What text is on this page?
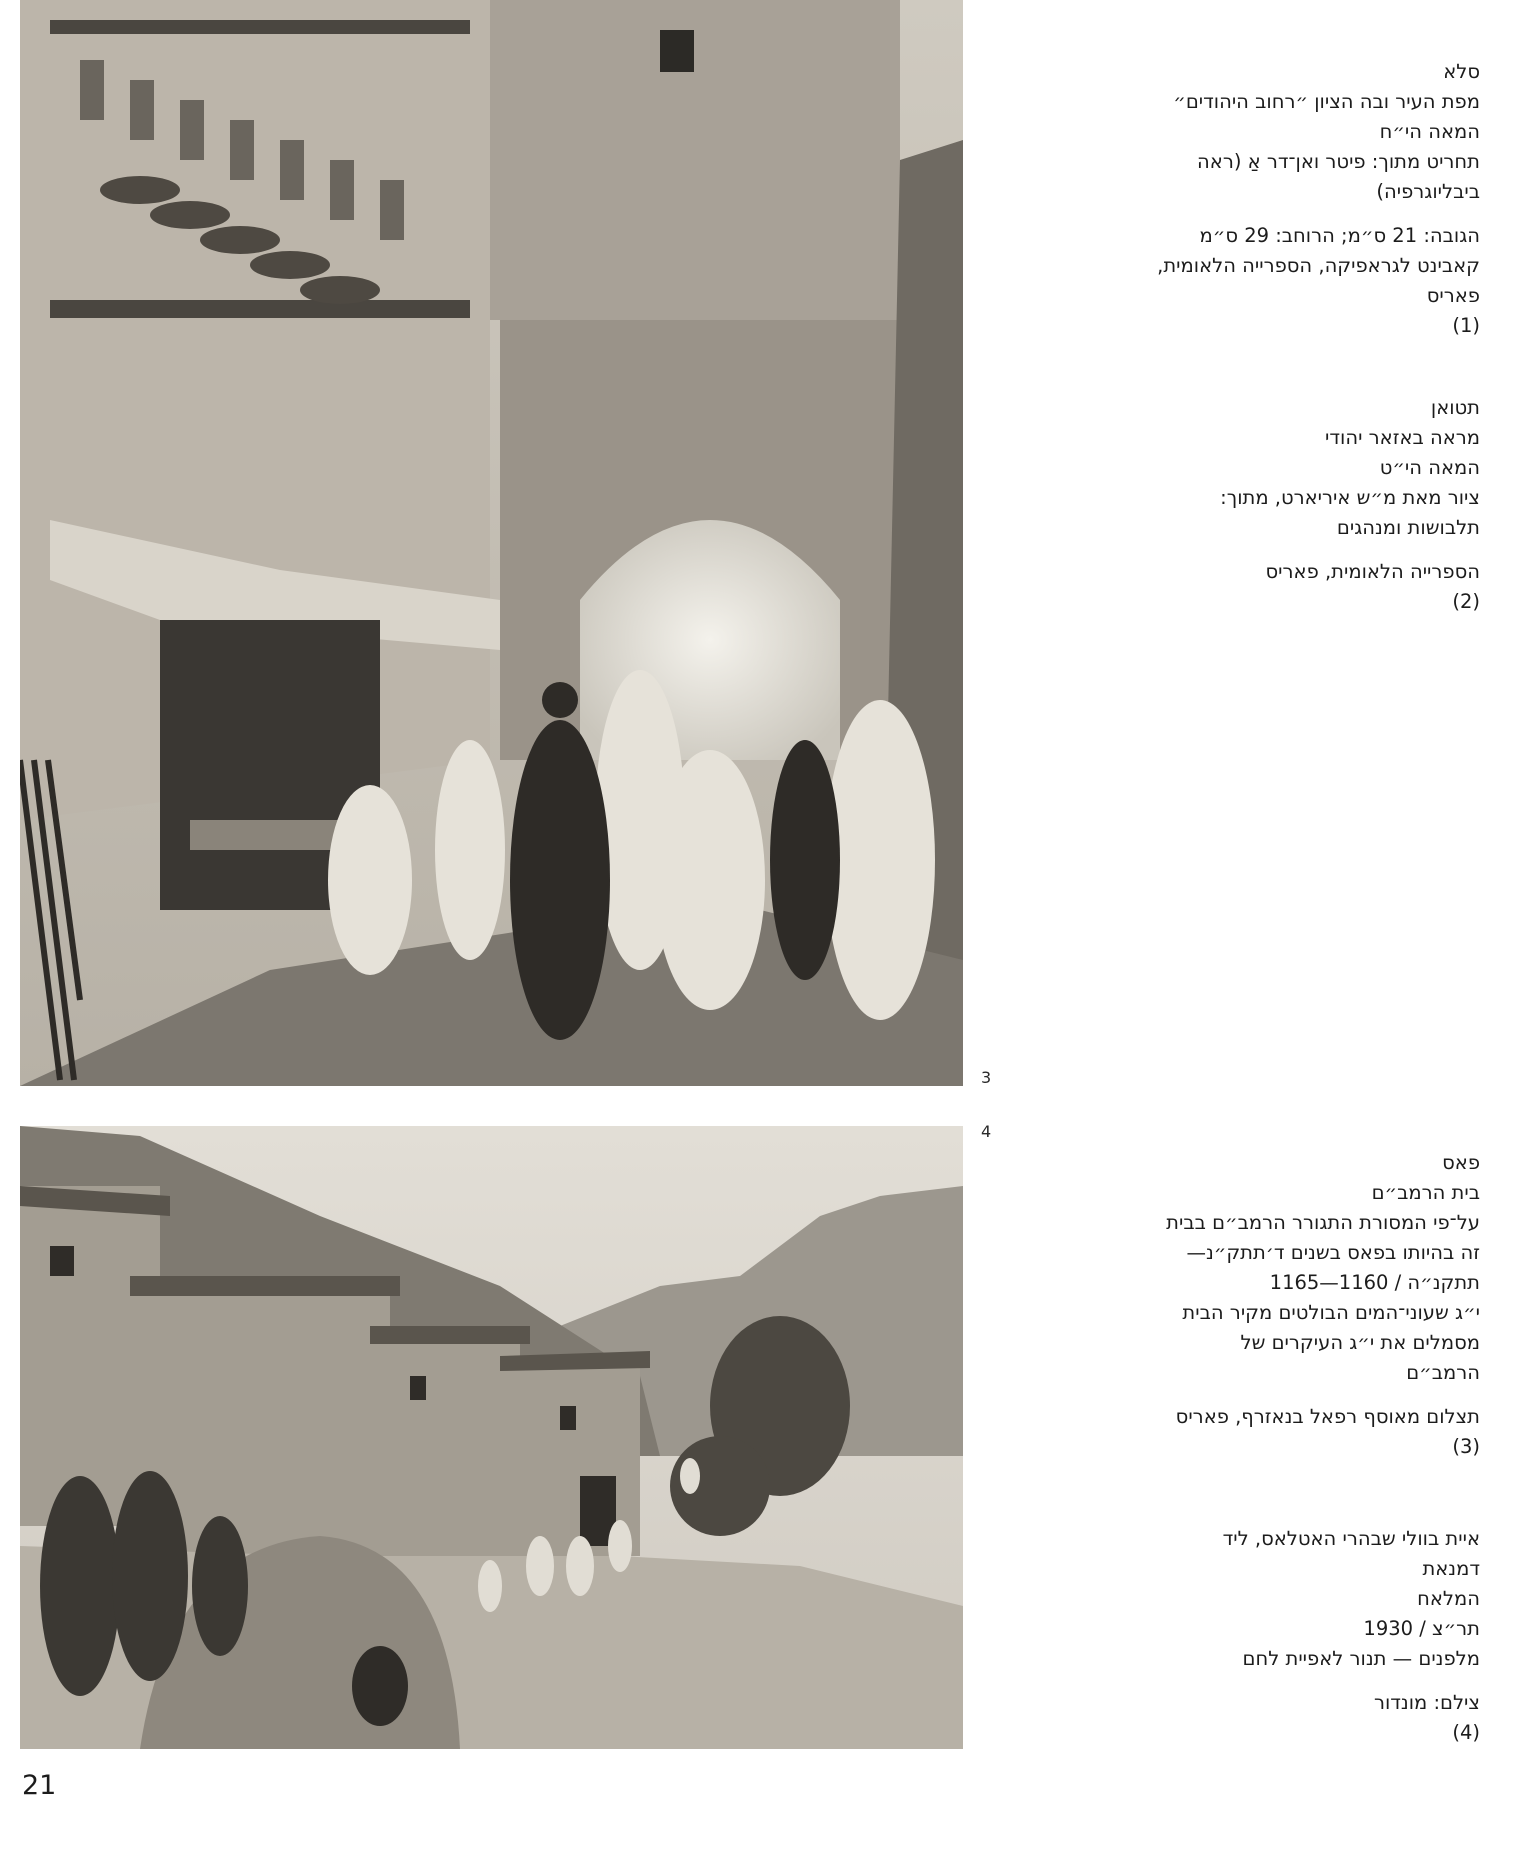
3
4
סלא
מפת העיר ובה הציון ״רחוב היהודים״
המאה הי״ח
תחריט מתוך: פיטר ואן־דר אַ (ראה
ביבליוגרפיה)
הגובה: 21 ס״מ; הרוחב: 29 ס״מ
קאבינט לגראפיקה, הספרייה הלאומית,
פאריס
(1)
תטואן
מראה באזאר יהודי
המאה הי״ט
ציור מאת מ״ש איריארט, מתוך:
תלבושות ומנהגים
הספרייה הלאומית, פאריס
(2)
פאס
בית הרמב״ם
על־פי המסורת התגורר הרמב״ם בבית
זה בהיותו בפאס בשנים ד׳תתק״נ—
תתקנ״ה / 1160—1165
י״ג שעוני־המים הבולטים מקיר הבית
מסמלים את י״ג העיקרים של
הרמב״ם
תצלום מאוסף רפאל בנאזרף, פאריס
(3)
איית בוולי שבהרי האטלאס, ליד
דמנאת
המלאח
תר״צ / 1930
מלפנים — תנור לאפיית לחם
צילם: מונדור
(4)
21
